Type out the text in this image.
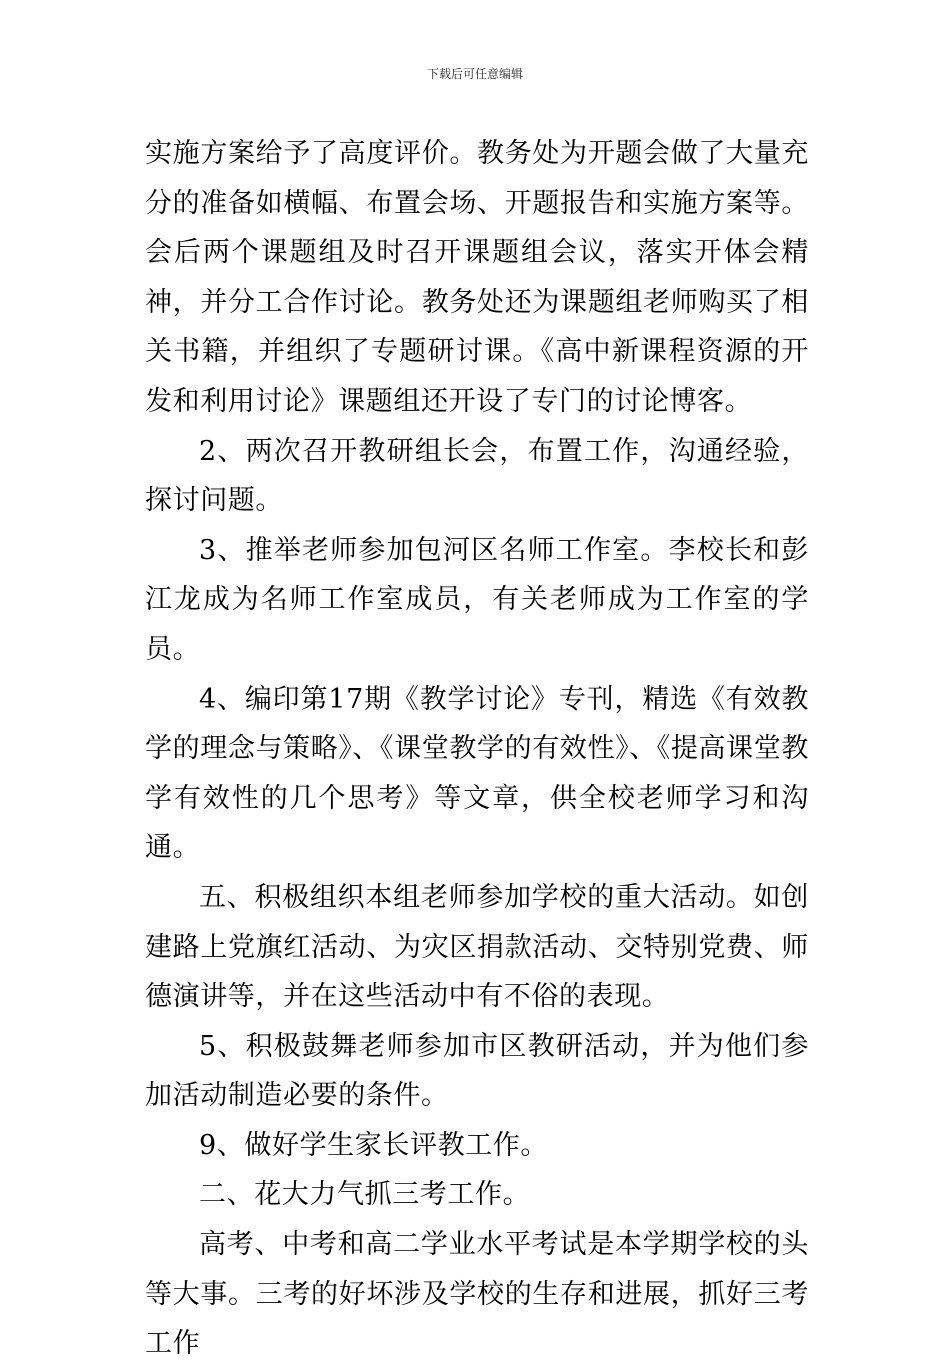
下载后可任意编辑

实施方案给予了高度评价。教务处为开题会做了大量充分的准备如横幅、布置会场、开题报告和实施方案等。会后两个课题组及时召开课题组会议，落实开体会精神，并分工合作讨论。教务处还为课题组老师购买了相关书籍，并组织了专题研讨课。《高中新课程资源的开发和利用讨论》课题组还开设了专门的讨论博客。

2、两次召开教研组长会，布置工作，沟通经验，探讨问题。

3、推举老师参加包河区名师工作室。李校长和彭江龙成为名师工作室成员，有关老师成为工作室的学员。

4、编印第17期《教学讨论》专刊，精选《有效教学的理念与策略》、《课堂教学的有效性》、《提高课堂教学有效性的几个思考》等文章，供全校老师学习和沟通。

五、积极组织本组老师参加学校的重大活动。如创建路上党旗红活动、为灾区捐款活动、交特别党费、师德演讲等，并在这些活动中有不俗的表现。

5、积极鼓舞老师参加市区教研活动，并为他们参加活动制造必要的条件。

9、做好学生家长评教工作。

二、花大力气抓三考工作。

高考、中考和高二学业水平考试是本学期学校的头等大事。三考的好坏涉及学校的生存和进展，抓好三考工作
